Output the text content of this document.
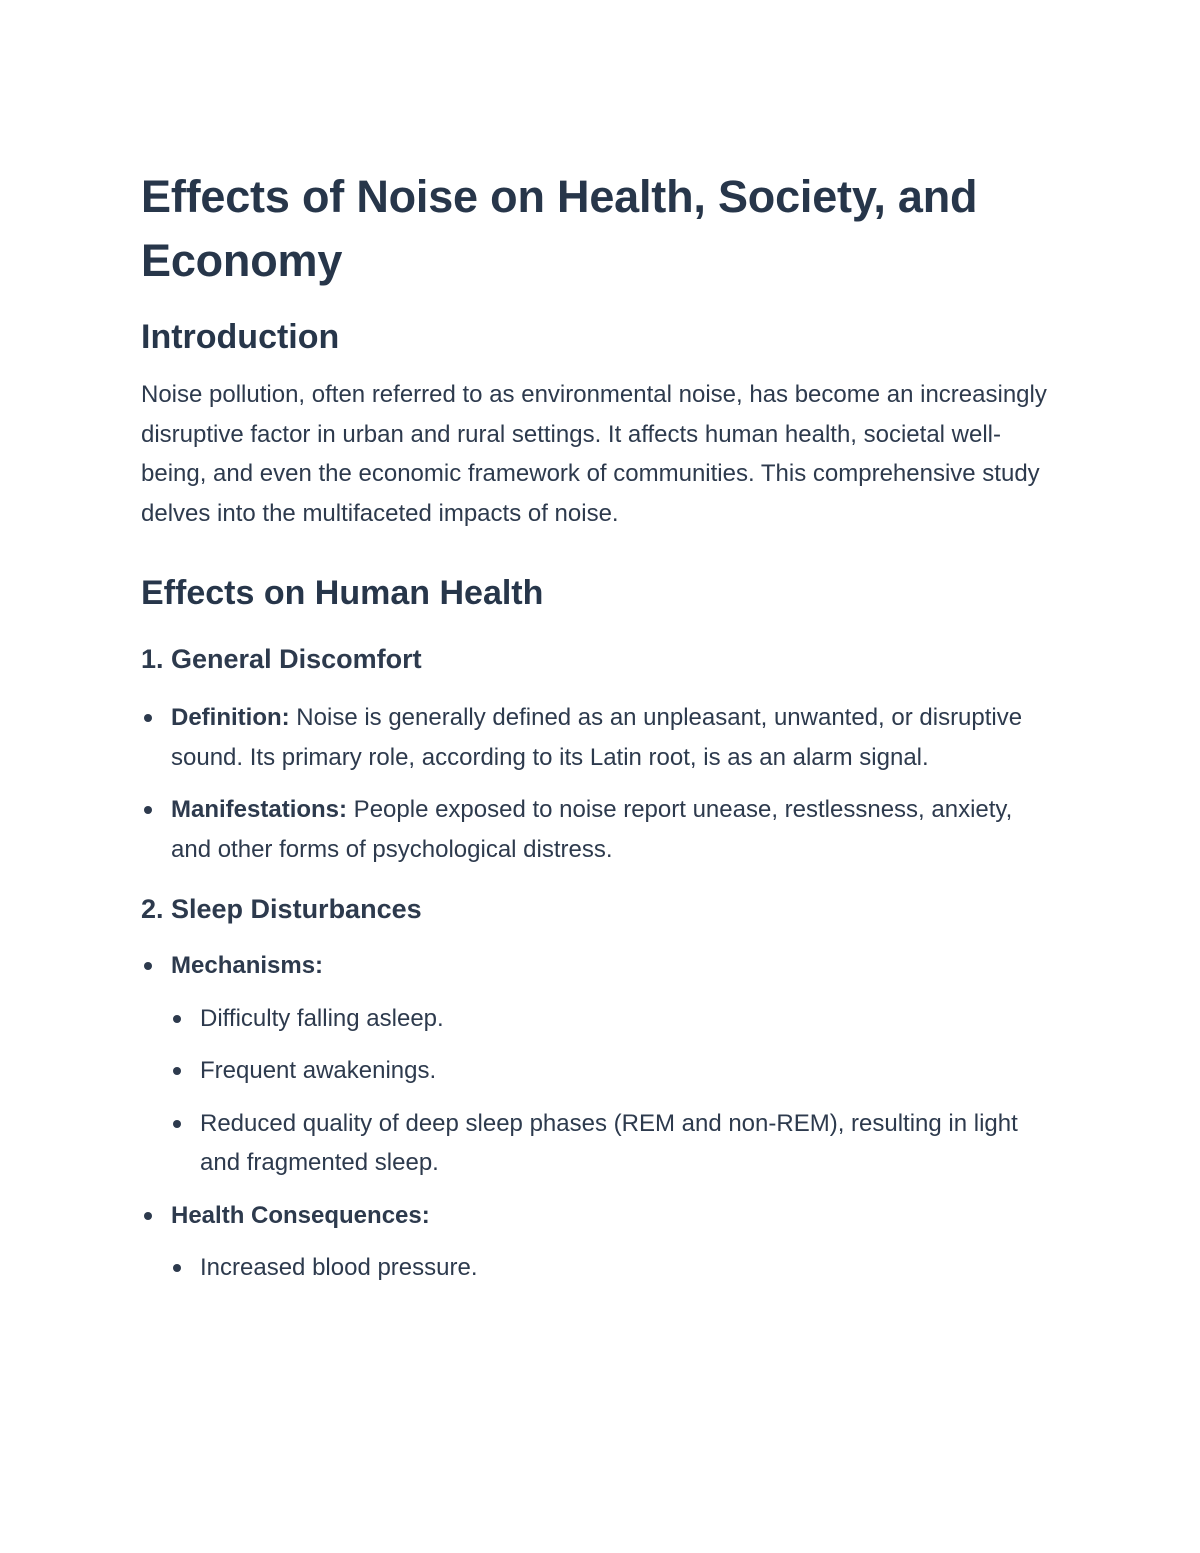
Effects of Noise on Health, Society, and Economy
Introduction

Noise pollution, often referred to as environmental noise, has become an increasingly disruptive factor in urban and rural settings. It affects human health, societal well-being, and even the economic framework of communities. This comprehensive study delves into the multifaceted impacts of noise.

Effects on Human Health
1. General Discomfort
Definition: Noise is generally defined as an unpleasant, unwanted, or disruptive sound. Its primary role, according to its Latin root, is as an alarm signal.
Manifestations: People exposed to noise report unease, restlessness, anxiety, and other forms of psychological distress.
2. Sleep Disturbances
Mechanisms:
Difficulty falling asleep.
Frequent awakenings.
Reduced quality of deep sleep phases (REM and non-REM), resulting in light and fragmented sleep.
Health Consequences:
Increased blood pressure.
